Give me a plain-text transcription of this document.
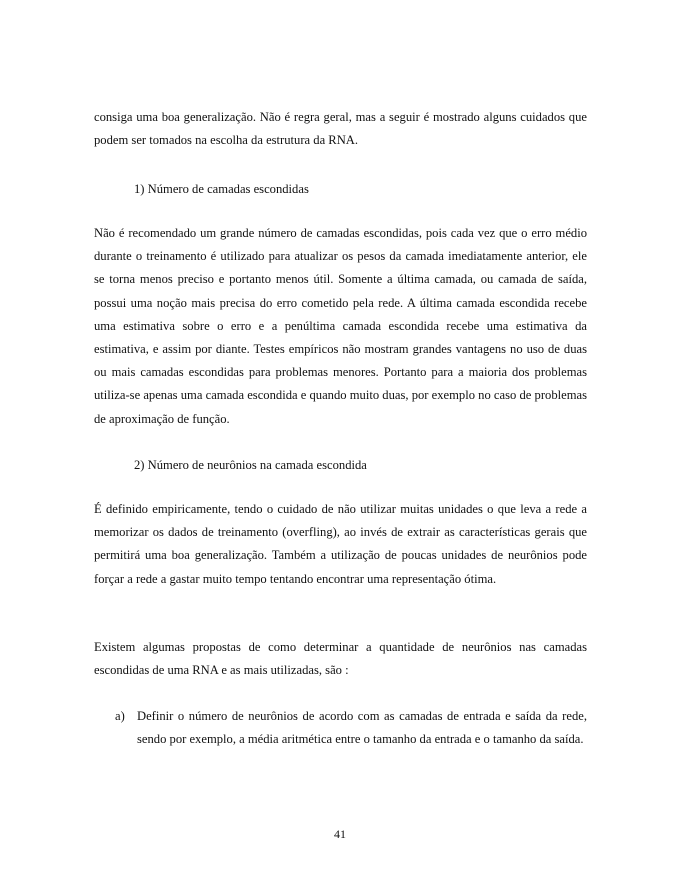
consiga uma boa generalização. Não é regra geral, mas a seguir é mostrado alguns cuidados que podem ser tomados na escolha da estrutura da RNA.

1) Número de camadas escondidas

Não é recomendado um grande número de camadas escondidas, pois cada vez que o erro médio durante o treinamento é utilizado para atualizar os pesos da camada imediatamente anterior, ele se torna menos preciso e portanto menos útil. Somente a última camada, ou camada de saída, possui uma noção mais precisa do erro cometido pela rede. A última camada escondida recebe uma estimativa sobre o erro e a penúltima camada escondida recebe uma estimativa da estimativa, e assim por diante. Testes empíricos não mostram grandes vantagens no uso de duas ou mais camadas escondidas para problemas menores. Portanto para a maioria dos problemas utiliza-se apenas uma camada escondida e quando muito duas, por exemplo no caso de problemas de aproximação de função.

2) Número de neurônios na camada escondida

É definido empiricamente, tendo o cuidado de não utilizar muitas unidades o que leva a rede a memorizar os dados de treinamento (overfling), ao invés de extrair as características gerais que permitirá uma boa generalização. Também a utilização de poucas unidades de neurônios pode forçar a rede a gastar muito tempo tentando encontrar uma representação ótima.

Existem algumas propostas de como determinar a quantidade de neurônios nas camadas escondidas de uma RNA e as mais utilizadas, são :

a) Definir o número de neurônios de acordo com as camadas de entrada e saída da rede, sendo por exemplo, a média aritmética entre o tamanho da entrada e o tamanho da saída.

41
